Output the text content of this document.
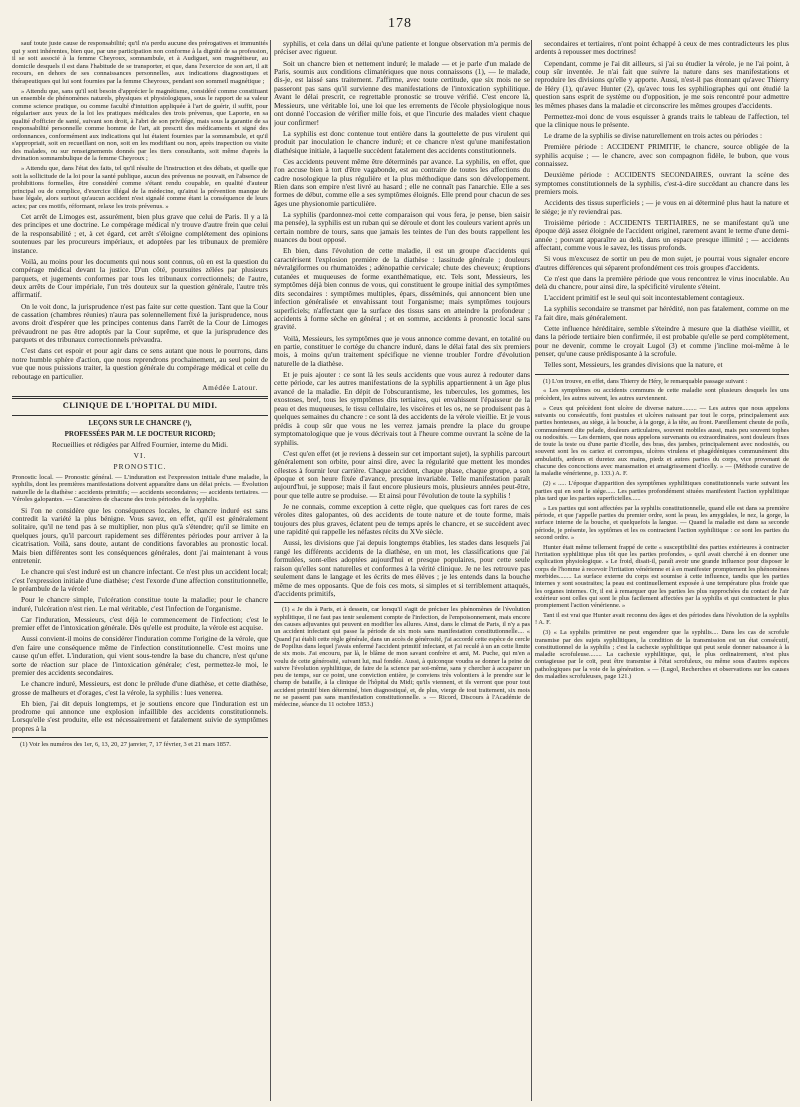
178

sauf toute juste cause de responsabilité; qu'il n'a perdu aucune des prérogatives et immunités qui y sont inhérentes, bien que, par une participation non conforme à la dignité de sa profession, il se soit associé à la femme Cheyroux, somnambule, et à Audiguet, son magnétiseur, au domicile desquels il est dans l'habitude de se transporter, et que, dans l'exercice de son art, il ait recours, en dehors de ses connaissances personnelles, aux indications diagnostiques et thérapeutiques qui lui sont fournies par la femme Cheyroux, pendant son sommeil magnétique ;

» Attendu que, sans qu'il soit besoin d'apprécier le magnétisme, considéré comme constituant un ensemble de phénomènes naturels, physiques et physiologiques, sous le rapport de sa valeur comme science pratique, ou comme faculté d'intuition appliquée à l'art de guérir, il suffit, pour régulariser aux yeux de la loi les pratiques médicales des trois prévenus, que Laporte, en sa qualité d'officier de santé, suivant son droit, à l'abri de son privilége, mais sous la garantie de sa responsabilité personnelle comme homme de l'art, ait prescrit des médicaments et signé des ordonnances, conformément aux indications qui lui étaient fournies par la somnambule, et qu'il s'appropriait, soit en recueillant on non, soit en les modifiant ou non, après inspection ou visite des malades, ou sur renseignements donnés par les tiers consultants, soit même d'après la divination somnambulique de la femme Cheyroux ;

» Attendu que, dans l'état des faits, tel qu'il résulte de l'instruction et des débats, et quelle que soit la sollicitude de la loi pour la santé publique, aucun des prévenus ne pouvait, en l'absence de prohibitions formelles, être considéré comme s'étant rendu coupable, en qualité d'auteur principal ou de complice, d'exercice illégal de la médecine, qu'ainsi la prévention manque de base légale, alors surtout qu'aucun accident n'est signalé comme étant la conséquence de leurs actes; par ces motifs, réformant, relaxe les trois prévenus. »

Cet arrêt de Limoges est, assurément, bien plus grave que celui de Paris. Il y a là des principes et une doctrine. Le compérage médical n'y trouve d'autre frein que celui de la responsabilité ; et, à cet égard, cet arrêt s'éloigne complétement des opinions soutenues par les procureurs impériaux, et adoptées par les tribunaux de première instance.

Voilà, au moins pour les documents qui nous sont connus, où en est la question du compérage médical devant la justice. D'un côté, poursuites zélées par plusieurs parquets, et jugements conformes par tous les tribunaux correctionnels; de l'autre, deux arrêts de Cour impériale, l'un très douteux sur la question générale, l'autre très affirmatif.

On le voit donc, la jurisprudence n'est pas faite sur cette question. Tant que la Cour de cassation (chambres réunies) n'aura pas solennellement fixé la jurisprudence, nous avons droit d'espérer que les principes contenus dans l'arrêt de la Cour de Limoges prévaudront ne pas être adoptés par la Cour suprême, et que la jurisprudence des parquets et des tribunaux correctionnels prévaudra.

C'est dans cet espoir et pour agir dans ce sens autant que nous le pourrons, dans notre humble sphère d'action, que nous reprendrons prochainement, au seul point de vue que nous puissions traiter, la question générale du compérage médical et celle du reboutage en particulier.

Amédée Latour.

CLINIQUE DE L'HOPITAL DU MIDI.

LEÇONS SUR LE CHANCRE (¹),

PROFESSÉES PAR M. LE DOCTEUR RICORD;

Recueillies et rédigées par Alfred Fournier, interne du Midi.

VI.

PRONOSTIC.

Pronostic local. — Pronostic général. — L'induration est l'expression initiale d'une maladie, la syphilis, dont les premières manifestations doivent apparaître dans un délai précis. — Évolution naturelle de la diathèse : accidents primitifs; — accidents secondaires; — accidents tertiaires. — Véroles galopantes. — Caractères de chacune des trois périodes de la syphilis.

Si l'on ne considère que les conséquences locales, le chancre induré est sans contredit la variété la plus bénigne. Vous savez, en effet, qu'il est généralement solitaire, qu'il ne tend pas à se multiplier, non plus qu'à s'étendre; qu'il se limite en quelques jours, qu'il parcourt rapidement ses différentes périodes pour arriver à la cicatrisation. Voilà, sans doute, autant de conditions favorables au pronostic local. Mais bien différentes sont les conséquences générales, dont j'ai maintenant à vous entretenir.

Le chancre qui s'est induré est un chancre infectant. Ce n'est plus un accident local; c'est l'expression initiale d'une diathèse; c'est l'exorde d'une affection constitutionnelle, le préambule de la vérole!

Pour le chancre simple, l'ulcération constitue toute la maladie; pour le chancre induré, l'ulcération n'est rien. Le mal véritable, c'est l'infection de l'organisme.

Car l'induration, Messieurs, c'est déjà le commencement de l'infection; c'est le premier effet de l'intoxication générale. Dès qu'elle est produite, la vérole est acquise.

Aussi convient-il moins de considérer l'induration comme l'origine de la vérole, que d'en faire une conséquence même de l'infection constitutionnelle. C'est moins une cause qu'un effet. L'induration, qui vient sous-tendre la base du chancre, n'est qu'une sorte de réaction sur place de l'intoxication générale; c'est, permettez-le moi, le premier des accidents secondaires.

Le chancre induré, Messieurs, est donc le prélude d'une diathèse, et cette diathèse, grosse de malheurs et d'orages, c'est la vérole, la syphilis : lues venerea.

Eh bien, j'ai dit depuis longtemps, et je soutiens encore que l'induration est un prodrome qui annonce une explosion infaillible des accidents constitutionnels. Lorsqu'elle s'est produite, elle est nécessairement et fatalement suivie de symptômes propres à la

(1) Voir les numéros des 1er, 6, 13, 20, 27 janvier, 7, 17 février, 3 et 21 mars 1857.

syphilis, et cela dans un délai qu'une patiente et longue observation m'a permis de préciser avec rigueur.

Soit un chancre bien et nettement induré; le malade — et je parle d'un malade de Paris, soumis aux conditions climatériques que nous connaissons (1), — le malade, dis-je, est laissé sans traitement. J'affirme, avec toute certitude, que six mois ne se passeront pas sans qu'il survienne des manifestations de l'intoxication syphilitique. Avant le délai prescrit, ce regrettable pronostic se trouve vérifié. C'est encore là, Messieurs, une véritable loi, une loi que les errements de l'école physiologique nous ont donné l'occasion de vérifier mille fois, et que l'incurie des malades vient chaque jour confirmer!

La syphilis est donc contenue tout entière dans la gouttelette de pus virulent qui produit par inoculation le chancre induré; et ce chancre n'est qu'une manifestation diathésique initiale, à laquelle succèdent fatalement des accidents constitutionnels.

Ces accidents peuvent même être déterminés par avance. La syphilis, en effet, que l'on accuse bien à tort d'être vagabonde, est au contraire de toutes les affections du cadre nosologique la plus régulière et la plus méthodique dans son développement. Rien dans son empire n'est livré au hasard ; elle ne connaît pas l'anarchie. Elle a ses formes de début, comme elle a ses symptômes éloignés. Elle prend pour chacun de ses âges une physionomie particulière.

La syphilis (pardonnez-moi cette comparaison qui vous fera, je pense, bien saisir ma pensée), la syphilis est un ruban qui se déroule et dont les couleurs varient après un certain nombre de tours, sans que jamais les teintes de l'un des bouts rappellent les nuances du bout opposé.

Eh bien, dans l'évolution de cette maladie, il est un groupe d'accidents qui caractérisent l'explosion première de la diathèse : lassitude générale ; douleurs névralgiformes ou rhumatoïdes ; adénopathie cervicale; chute des cheveux; éruptions cutanées et muqueuses de forme exanthématique, etc. Tels sont, Messieurs, les symptômes déjà bien connus de vous, qui constituent le groupe initial des symptômes dits secondaires : symptômes multiples, épars, disséminés, qui annoncent bien une infection généralisée et envahissant tout l'organisme; mais symptômes toujours superficiels; n'affectant que la surface des tissus sans en atteindre la profondeur ; accidents à forme sèche en général ; et en somme, accidents à pronostic local sans gravité.

Voilà, Messieurs, les symptômes que je vous annonce comme devant, en totalité ou en partie, constituer le cortége du chancre induré, dans le délai fatal des six premiers mois, à moins qu'un traitement spécifique ne vienne troubler l'ordre d'évolution naturelle de la diathèse.

Et je puis ajouter : ce sont là les seuls accidents que vous aurez à redouter dans cette période, car les autres manifestations de la syphilis appartiennent à un âge plus avancé de la maladie. En dépit de l'obscurantisme, les tubercules, les gommes, les exostoses, bref, tous les symptômes dits tertiaires, qui envahissent l'épaisseur de la peau et des muqueuses, le tissu cellulaire, les viscères et les os, ne se produisent pas à quelques semaines du chancre : ce sont là des accidents de la vérole vieillie. Et je vous prédis à coup sûr que vous ne les verrez jamais prendre la place du groupe symptomatologique que je vous décrivais tout à l'heure comme ouvrant la scène de la syphilis.

C'est qu'en effet (et je reviens à dessein sur cet important sujet), la syphilis parcourt généralement son orbite, pour ainsi dire, avec la régularité que mettent les mondes célestes à fournir leur carrière. Chaque accident, chaque phase, chaque groupe, a son époque et son heure fixée d'avance, presque invariable. Telle manifestation paraît aujourd'hui, je suppose; mais il faut encore plusieurs mois, plusieurs années peut-être, pour que telle autre se produise. — Et ainsi pour l'évolution de toute la syphilis !

Je ne connais, comme exception à cette règle, que quelques cas fort rares de ces véroles dites galopantes, où des accidents de toute nature et de toute forme, mais toujours des plus graves, éclatent peu de temps après le chancre, et se succèdent avec une rapidité qui rappelle les néfastes récits du XVe siècle.

Aussi, les divisions que j'ai depuis longtemps établies, les stades dans lesquels j'ai rangé les différents accidents de la diathèse, en un mot, les classifications que j'ai formulées, sont-elles adoptées aujourd'hui et presque populaires, pour cette seule raison qu'elles sont naturelles et conformes à la vérité clinique. Je ne les retrouve pas seulement dans le langage et les écrits de mes élèves ; je les entends dans la bouche même de mes opposants. Que de fois ces mots, si simples et si terriblement attaqués, d'accidents primitifs,

(1) « Je dis à Paris, et à dessein, car lorsqu'il s'agit de préciser les phénomènes de l'évolution syphilitique, il ne faut pas tenir seulement compte de l'infection, de l'empoisonnement, mais encore des causes adjuvantes qui peuvent en modifier les allures. Ainsi, dans le climat de Paris, il n'y a pas un accident infectant qui passe la période de six mois sans manifestation constitutionnelle.... « Quand j'ai établi cette règle générale, dans un accès de générosité, j'ai accordé cette espèce de cercle de Popilius dans lequel j'avais enfermé l'accident primitif infectant, et j'ai reculé à un an cette limite de six mois. J'ai encouru, par là, le blâme de mon savant confrère et ami, M. Puche, qui m'en a voulu de cette générosité, suivant lui, mal fondée. Aussi, à quiconque voudra se donner la peine de suivre l'évolution syphilitique, de faire de la science par soi-même, sans y chercher à accaparer un peu de temps, sur ce point, une conviction entière, je conviens très volontiers à le prendre sur le champ de bataille, à la clinique de l'hôpital du Midi; qu'ils viennent, et ils verront que pour tout accident primitif bien déterminé, bien diagnostiqué, et, de plus, vierge de tout traitement, six mois ne se passent pas sans manifestation constitutionnelle. » — Ricord, Discours à l'Académie de médecine, séance du 11 octobre 1853.)

secondaires et tertiaires, n'ont point échappé à ceux de mes contradicteurs les plus ardents à repousser mes doctrines!

Cependant, comme je l'ai dit ailleurs, si j'ai su étudier la vérole, je ne l'ai point, à coup sûr inventée. Je n'ai fait que suivre la nature dans ses manifestations et reproduire les divisions qu'elle y apporte. Aussi, n'est-il pas étonnant qu'avec Thierry de Héry (1), qu'avec Hunter (2), qu'avec tous les syphiliographes qui ont étudié la question sans esprit de système ou d'opposition, je me sois rencontré pour admettre les mêmes phases dans la maladie et circonscrire les mêmes groupes d'accidents.

Permettez-moi donc de vous esquisser à grands traits le tableau de l'affection, tel que la clinique nous le présente.

Le drame de la syphilis se divise naturellement en trois actes ou périodes :

Première période : ACCIDENT PRIMITIF, le chancre, source obligée de la syphilis acquise ; — le chancre, avec son compagnon fidèle, le bubon, que vous connaissez.

Deuxième période : ACCIDENTS SECONDAIRES, ouvrant la scène des symptomes constitutionnels de la syphilis, c'est-à-dire succédant au chancre dans les premiers mois.

Accidents des tissus superficiels ; — je vous en ai déterminé plus haut la nature et le siége; je n'y reviendrai pas.

Troisième période : ACCIDENTS TERTIAIRES, ne se manifestant qu'à une époque déjà assez éloignée de l'accident originel, rarement avant le terme d'une demi-année ; pouvant apparaître au delà, dans un espace presque illimité ; — accidents affectant, comme vous le savez, les tissus profonds.

Si vous m'excusez de sortir un peu de mon sujet, je pourrai vous signaler encore d'autres différences qui séparent profondément ces trois groupes d'accidents.

Ce n'est que dans la première période que vous rencontrez le virus inoculable. Au delà du chancre, pour ainsi dire, la spécificité virulente s'éteint.

L'accident primitif est le seul qui soit incontestablement contagieux.

La syphilis secondaire se transmet par hérédité, non pas fatalement, comme on me l'a fait dire, mais généralement.

Cette influence héréditaire, semble s'éteindre à mesure que la diathèse vieillit, et dans la période tertiaire bien confirmée, il est probable qu'elle se perd complétement, pour ne devenir, comme le croyait Lugol (3) et comme j'incline moi-même à le penser, qu'une cause prédisposante à la scrofule.

Telles sont, Messieurs, les grandes divisions que la nature, et

(1) L'on trouve, en effet, dans Thierry de Héry, le remarquable passage suivant :

« Les symptômes ou accidents communs de cette maladie sont plusieurs desquels les uns précèdent, les autres suivent, les autres surviennent.

» Ceux qui précèdent font ulcère de diverse nature......... — Les autres que nous appelons suivants ou consécutifs, font pustules et ulcères naissant par tout le corps, principalement aux parties honteuses, au siège, à la bouche, à la gorge, à la tête, au front. Pareillement cheute de poils, communément dite pelade, douleurs articulaires, souvent mobiles aussi, mais peu souvent tophes ou nodosités. — Les derniers, que nous appelons survenants ou extraordinaires, sont douleurs fixes de toute la teste ou d'une partie d'icelle, des bras, des jambes, principalement avec nodosités, ou souvent sont les os cariez et corrompus, ulcères virulens et phagédéniques communément dits ambulatifs, ardeurs et duretez aux mains, piedz et autres parties du corps, vice provenant de chacune des concoctions avec marasmation et amaigrissement d'icelly. » — (Méthode curative de la maladie vénérienne, p. 133.) A. F.

(2) « ..... L'époque d'apparition des symptômes syphilitiques constitutionnels varie suivant les parties qui en sont le siége...... Les parties profondément situées manifestent l'action syphilitique plus tard que les parties superficielles......

» Les parties qui sont affectées par la syphilis constitutionnelle, quand elle est dans sa première période, et que j'appelle parties du premier ordre, sont la peau, les amygdales, le nez, la gorge, la surface interne de la bouche, et quelquefois la langue. — Quand la maladie est dans sa seconde période, je présente, les syptômes et les os contractent l'action syphilitique : ce sont les parties du second ordre. »

Hunter était même tellement frappé de cette « susceptibilité des parties extérieures à contracter l'irritation syphilitique plus tôt que les parties profondes, » qu'il avait cherché à en donner une explication physiologique. « Le froid, disait-il, paraît avoir une grande influence pour disposer le corps de l'homme à recevoir l'irritation vénérienne et à en manifester promptement les phénomènes morbides........ La surface externe du corps est soumise à cette influence, tandis que les parties internes y sont soustraites; la peau est continuellement exposée à une température plus froide que les organes internes. Or, il est à remarquer que les parties les plus rapprochées du contact de l'air extérieur sont celles qui sont le plus facilement affectées par la syphilis et qui contractent le plus promptement l'action vénérienne. »

Tant il est vrai que Hunter avait reconnu des âges et des périodes dans l'évolution de la syphilis ! A. F.

(3) « La syphilis primitive ne peut engendrer que la syphilis.... Dans les cas de scrofule transmise par des sujets syphilitiques, la condition de la transmission est un état consécutif, constitutionnel de la syphilis ; c'est la cachexie syphilitique qui peut seule donner naissance à la maladie scrofuleuse........ La cachexie syphilitique, qui, le plus ordinairement, n'est plus contagieuse par le coït, peut être transmise à l'état scrofuleux, ou même sous d'autres espèces pathologiques par la voie de la génération. » — (Lugol, Recherches et observations sur les causes des maladies scrofuleuses, page 121.)
